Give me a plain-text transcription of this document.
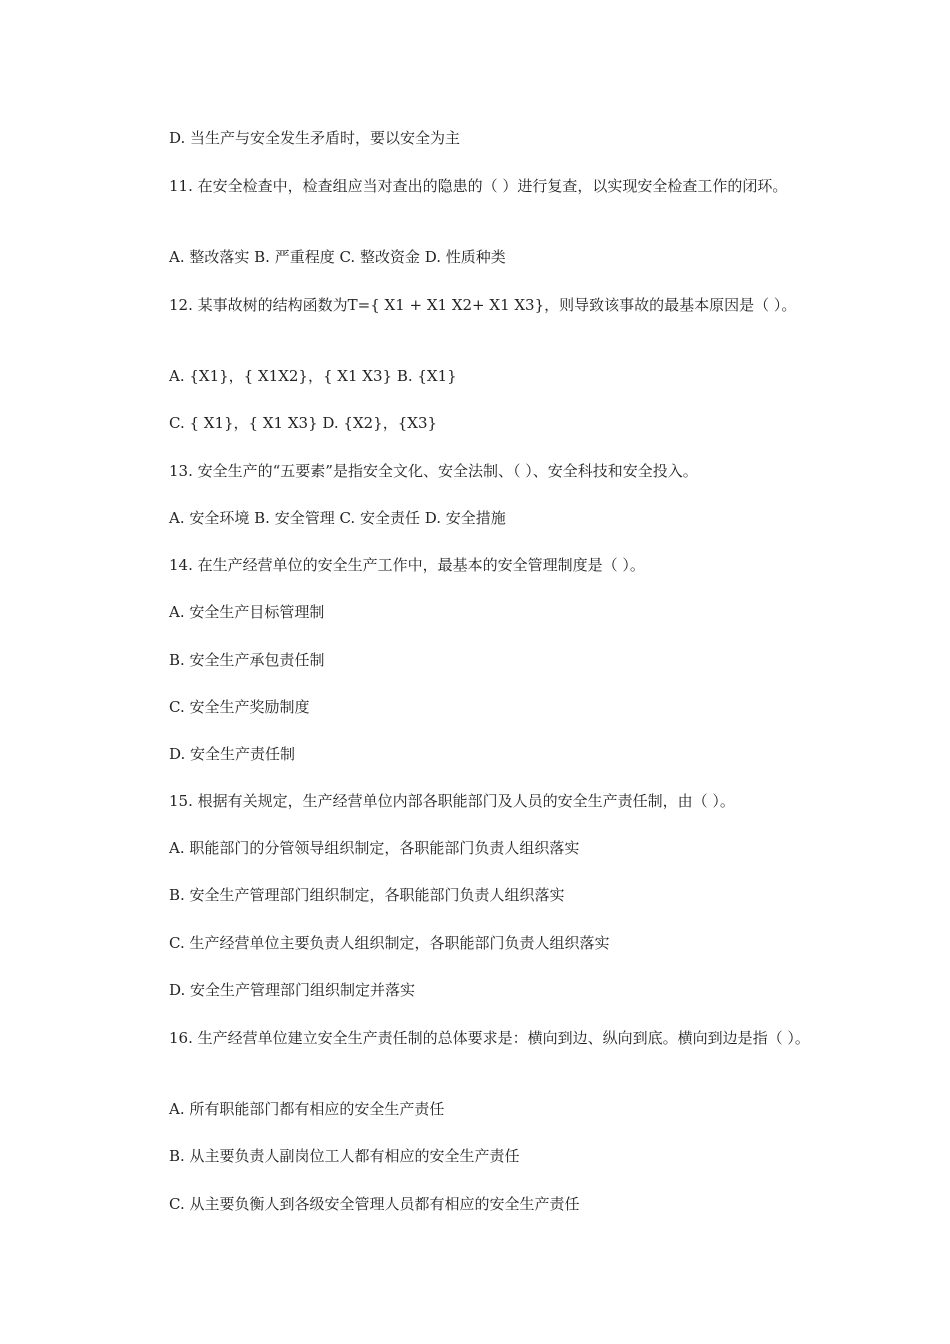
D. 当生产与安全发生矛盾时，要以安全为主

11. 在安全检查中，检查组应当对查出的隐患的（ ）进行复查，以实现安全检查工作的闭环。

A. 整改落实 B. 严重程度 C. 整改资金 D. 性质种类

12. 某事故树的结构函数为T={ X1 + X1 X2+ X1 X3}，则导致该事故的最基本原因是（ ）。

A. {X1}，{ X1X2}，{ X1 X3} B. {X1}

C. { X1}，{ X1 X3} D. {X2}，{X3}

13. 安全生产的“五要素”是指安全文化、安全法制、（ ）、安全科技和安全投入。

A. 安全环境 B. 安全管理 C. 安全责任 D. 安全措施

14. 在生产经营单位的安全生产工作中，最基本的安全管理制度是（ ）。

A. 安全生产目标管理制

B. 安全生产承包责任制

C. 安全生产奖励制度

D. 安全生产责任制

15. 根据有关规定，生产经营单位内部各职能部门及人员的安全生产责任制，由（ ）。

A. 职能部门的分管领导组织制定，各职能部门负责人组织落实

B. 安全生产管理部门组织制定，各职能部门负责人组织落实

C. 生产经营单位主要负责人组织制定，各职能部门负责人组织落实

D. 安全生产管理部门组织制定并落实

16. 生产经营单位建立安全生产责任制的总体要求是：横向到边、纵向到底。横向到边是指（ ）。

A. 所有职能部门都有相应的安全生产责任

B. 从主要负责人副岗位工人都有相应的安全生产责任

C. 从主要负衡人到各级安全管理人员都有相应的安全生产责任
